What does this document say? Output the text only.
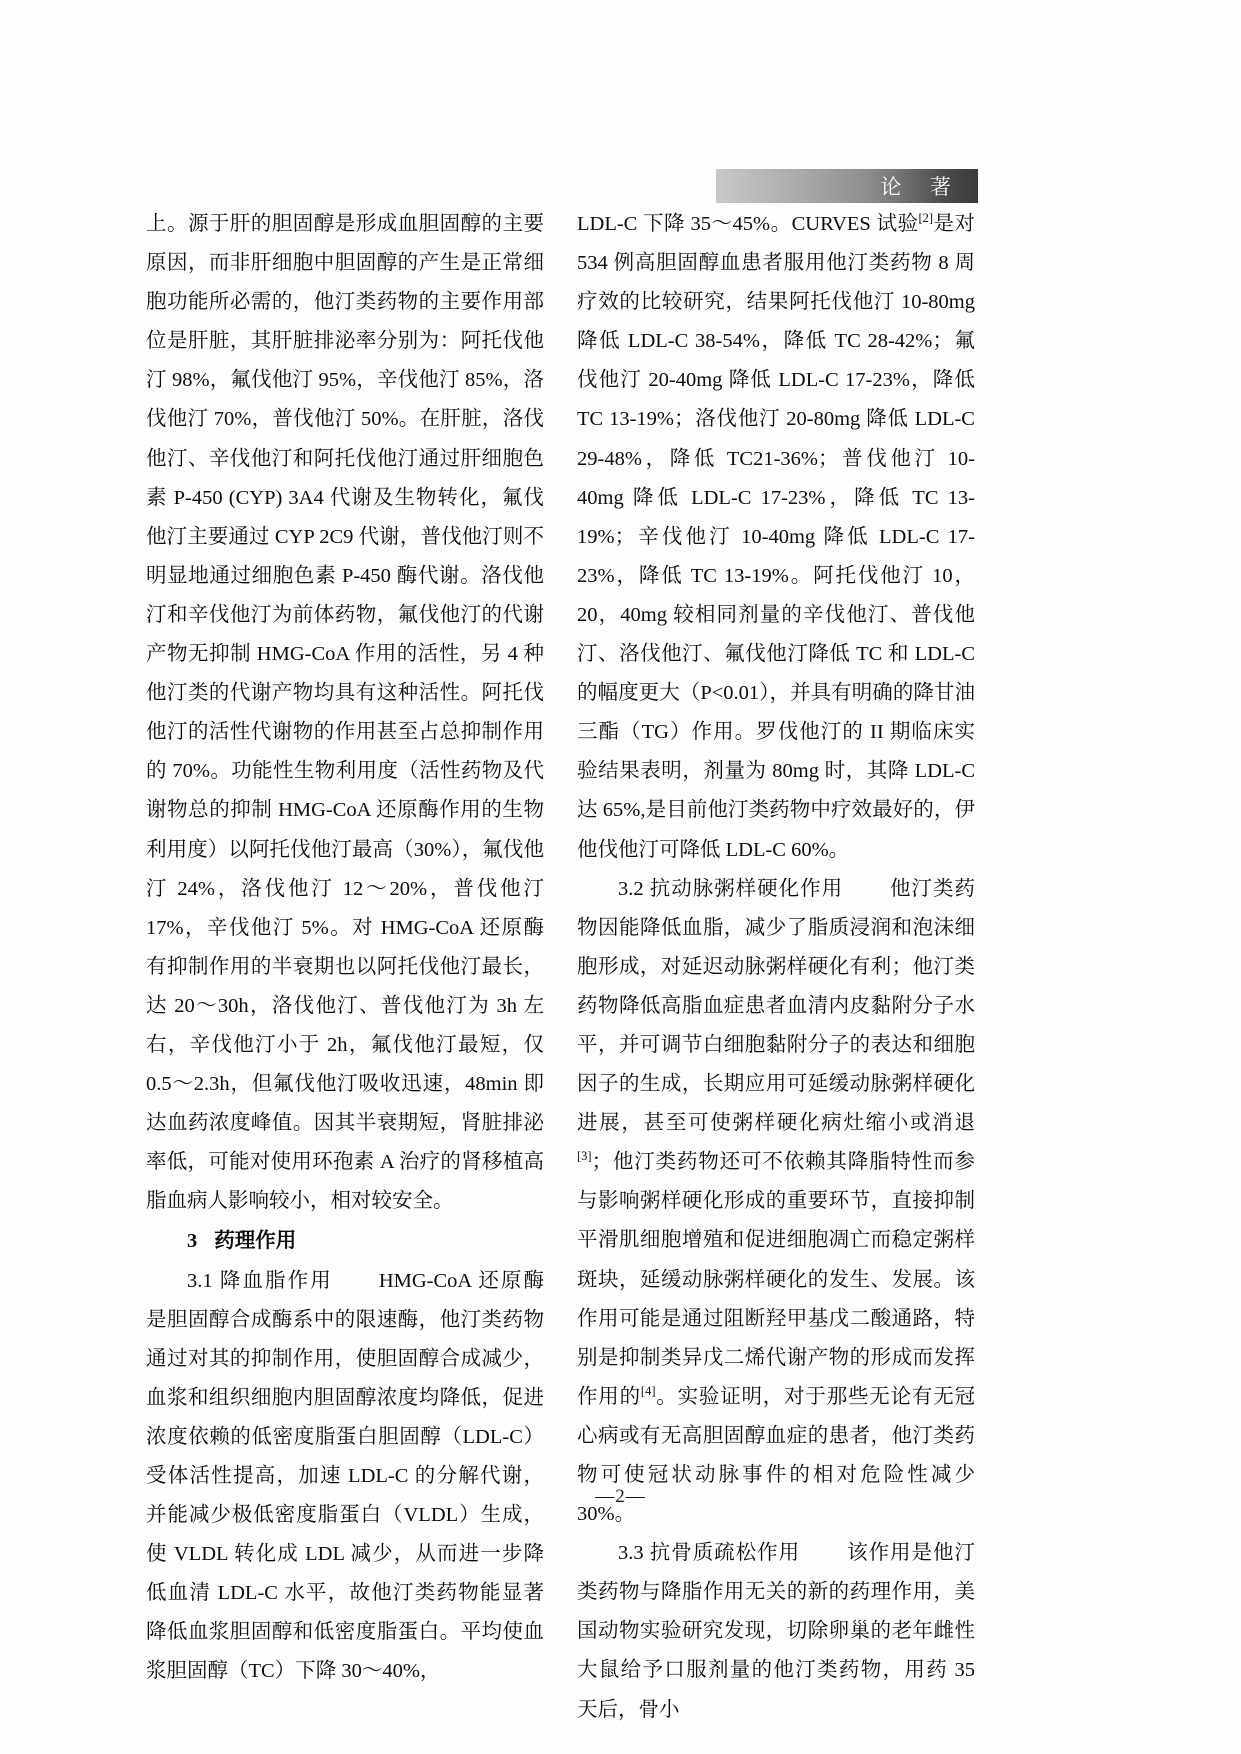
论 著

上。源于肝的胆固醇是形成血胆固醇的主要原因，而非肝细胞中胆固醇的产生是正常细胞功能所必需的，他汀类药物的主要作用部位是肝脏，其肝脏排泌率分别为：阿托伐他汀 98%，氟伐他汀 95%，辛伐他汀 85%，洛伐他汀 70%，普伐他汀 50%。在肝脏，洛伐他汀、辛伐他汀和阿托伐他汀通过肝细胞色素 P-450 (CYP) 3A4 代谢及生物转化，氟伐他汀主要通过 CYP 2C9 代谢，普伐他汀则不明显地通过细胞色素 P-450 酶代谢。洛伐他汀和辛伐他汀为前体药物，氟伐他汀的代谢产物无抑制 HMG-CoA 作用的活性，另 4 种他汀类的代谢产物均具有这种活性。阿托伐他汀的活性代谢物的作用甚至占总抑制作用的 70%。功能性生物利用度（活性药物及代谢物总的抑制 HMG-CoA 还原酶作用的生物利用度）以阿托伐他汀最高（30%），氟伐他汀 24%，洛伐他汀 12～20%，普伐他汀 17%，辛伐他汀 5%。对 HMG-CoA 还原酶有抑制作用的半衰期也以阿托伐他汀最长，达 20～30h，洛伐他汀、普伐他汀为 3h 左右，辛伐他汀小于 2h，氟伐他汀最短，仅 0.5～2.3h，但氟伐他汀吸收迅速，48min 即达血药浓度峰值。因其半衰期短，肾脏排泌率低，可能对使用环孢素 A 治疗的肾移植高脂血病人影响较小，相对较安全。

3 药理作用

3.1 降血脂作用 HMG-CoA 还原酶是胆固醇合成酶系中的限速酶，他汀类药物通过对其的抑制作用，使胆固醇合成减少，血浆和组织细胞内胆固醇浓度均降低，促进浓度依赖的低密度脂蛋白胆固醇（LDL-C）受体活性提高，加速 LDL-C 的分解代谢，并能减少极低密度脂蛋白（VLDL）生成，使 VLDL 转化成 LDL 减少，从而进一步降低血清 LDL-C 水平，故他汀类药物能显著降低血浆胆固醇和低密度脂蛋白。平均使血浆胆固醇（TC）下降 30～40%，

LDL-C 下降 35～45%。CURVES 试验[2]是对 534 例高胆固醇血患者服用他汀类药物 8 周疗效的比较研究，结果阿托伐他汀 10-80mg 降低 LDL-C 38-54%，降低 TC 28-42%；氟伐他汀 20-40mg 降低 LDL-C 17-23%，降低 TC 13-19%；洛伐他汀 20-80mg 降低 LDL-C 29-48%，降低 TC21-36%；普伐他汀 10-40mg 降低 LDL-C 17-23%，降低 TC 13-19%；辛伐他汀 10-40mg 降低 LDL-C 17-23%，降低 TC 13-19%。阿托伐他汀 10，20，40mg 较相同剂量的辛伐他汀、普伐他汀、洛伐他汀、氟伐他汀降低 TC 和 LDL-C 的幅度更大（P<0.01），并具有明确的降甘油三酯（TG）作用。罗伐他汀的 II 期临床实验结果表明，剂量为 80mg 时，其降 LDL-C 达 65%,是目前他汀类药物中疗效最好的，伊他伐他汀可降低 LDL-C 60%。

3.2 抗动脉粥样硬化作用 他汀类药物因能降低血脂，减少了脂质浸润和泡沫细胞形成，对延迟动脉粥样硬化有利；他汀类药物降低高脂血症患者血清内皮黏附分子水平，并可调节白细胞黏附分子的表达和细胞因子的生成，长期应用可延缓动脉粥样硬化进展，甚至可使粥样硬化病灶缩小或消退[3]；他汀类药物还可不依赖其降脂特性而参与影响粥样硬化形成的重要环节，直接抑制平滑肌细胞增殖和促进细胞凋亡而稳定粥样斑块，延缓动脉粥样硬化的发生、发展。该作用可能是通过阻断羟甲基戊二酸通路，特别是抑制类异戊二烯代谢产物的形成而发挥作用的[4]。实验证明，对于那些无论有无冠心病或有无高胆固醇血症的患者，他汀类药物可使冠状动脉事件的相对危险性减少 30%。

3.3 抗骨质疏松作用 该作用是他汀类药物与降脂作用无关的新的药理作用，美国动物实验研究发现，切除卵巢的老年雌性大鼠给予口服剂量的他汀类药物，用药 35 天后，骨小

—2—
